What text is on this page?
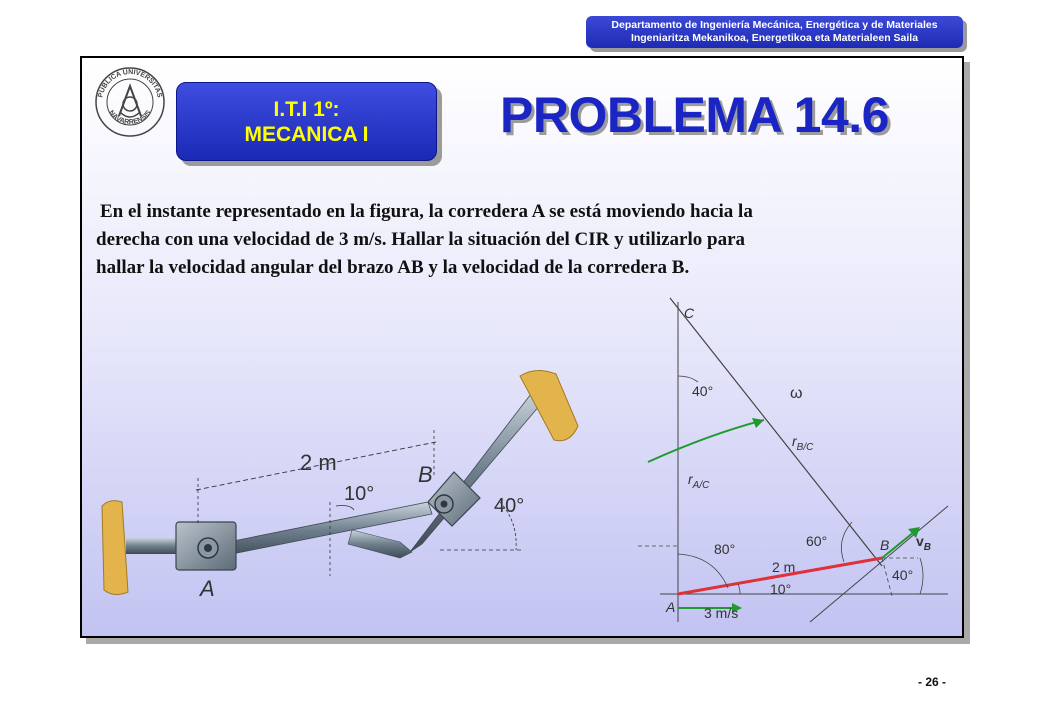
Departamento de Ingeniería Mecánica, Energética y de Materiales
Ingeniaritza Mekanikoa, Energetikoa eta Materialeen Saila
PUBLICA UNIVERSITAS
NAVARRENSIS	I.T.I 1º:
MECANICA I	PROBLEMA 14.6
En el instante representado en la figura, la corredera A se está moviendo hacia la
derecha con una velocidad de 3 m/s. Hallar la situación del CIR y utilizarlo para
hallar la velocidad angular del brazo AB y la velocidad de la corredera B.
2 m
10°
40°
A
B
C
A
B
40°
80°	60°
40°
10°
ω
$r_{B/C}$
$r_{A/C}$
2 m
3 m/s
$v_B$
- 26 -
